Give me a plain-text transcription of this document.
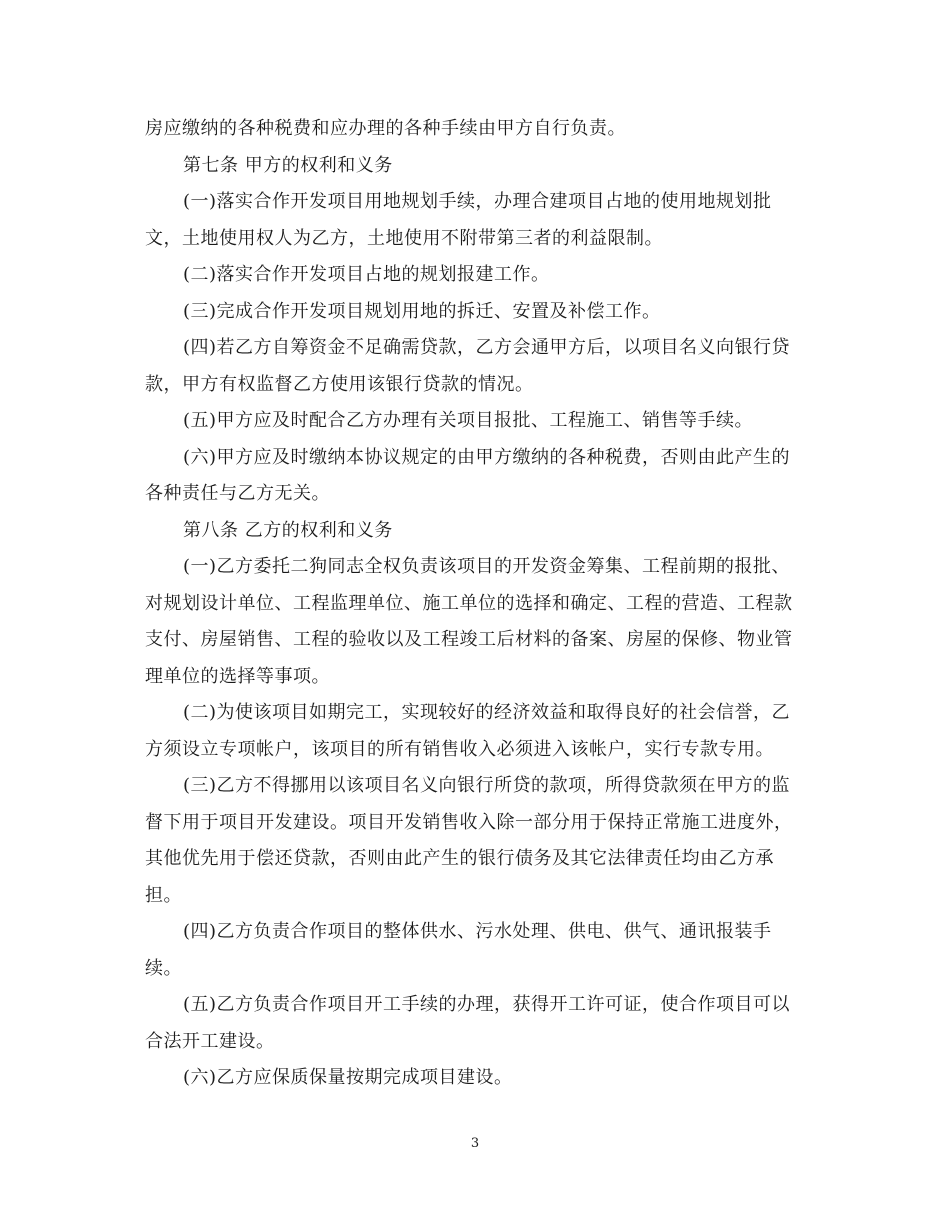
房应缴纳的各种税费和应办理的各种手续由甲方自行负责。
第七条 甲方的权利和义务
(一)落实合作开发项目用地规划手续，办理合建项目占地的使用地规划批
文，土地使用权人为乙方，土地使用不附带第三者的利益限制。
(二)落实合作开发项目占地的规划报建工作。
(三)完成合作开发项目规划用地的拆迁、安置及补偿工作。
(四)若乙方自筹资金不足确需贷款，乙方会通甲方后，以项目名义向银行贷
款，甲方有权监督乙方使用该银行贷款的情况。
(五)甲方应及时配合乙方办理有关项目报批、工程施工、销售等手续。
(六)甲方应及时缴纳本协议规定的由甲方缴纳的各种税费，否则由此产生的
各种责任与乙方无关。
第八条 乙方的权利和义务
(一)乙方委托二狗同志全权负责该项目的开发资金筹集、工程前期的报批、
对规划设计单位、工程监理单位、施工单位的选择和确定、工程的营造、工程款
支付、房屋销售、工程的验收以及工程竣工后材料的备案、房屋的保修、物业管
理单位的选择等事项。
(二)为使该项目如期完工，实现较好的经济效益和取得良好的社会信誉，乙
方须设立专项帐户，该项目的所有销售收入必须进入该帐户，实行专款专用。
(三)乙方不得挪用以该项目名义向银行所贷的款项，所得贷款须在甲方的监
督下用于项目开发建设。项目开发销售收入除一部分用于保持正常施工进度外，
其他优先用于偿还贷款，否则由此产生的银行债务及其它法律责任均由乙方承
担。
(四)乙方负责合作项目的整体供水、污水处理、供电、供气、通讯报装手
续。
(五)乙方负责合作项目开工手续的办理，获得开工许可证，使合作项目可以
合法开工建设。
(六)乙方应保质保量按期完成项目建设。
3
